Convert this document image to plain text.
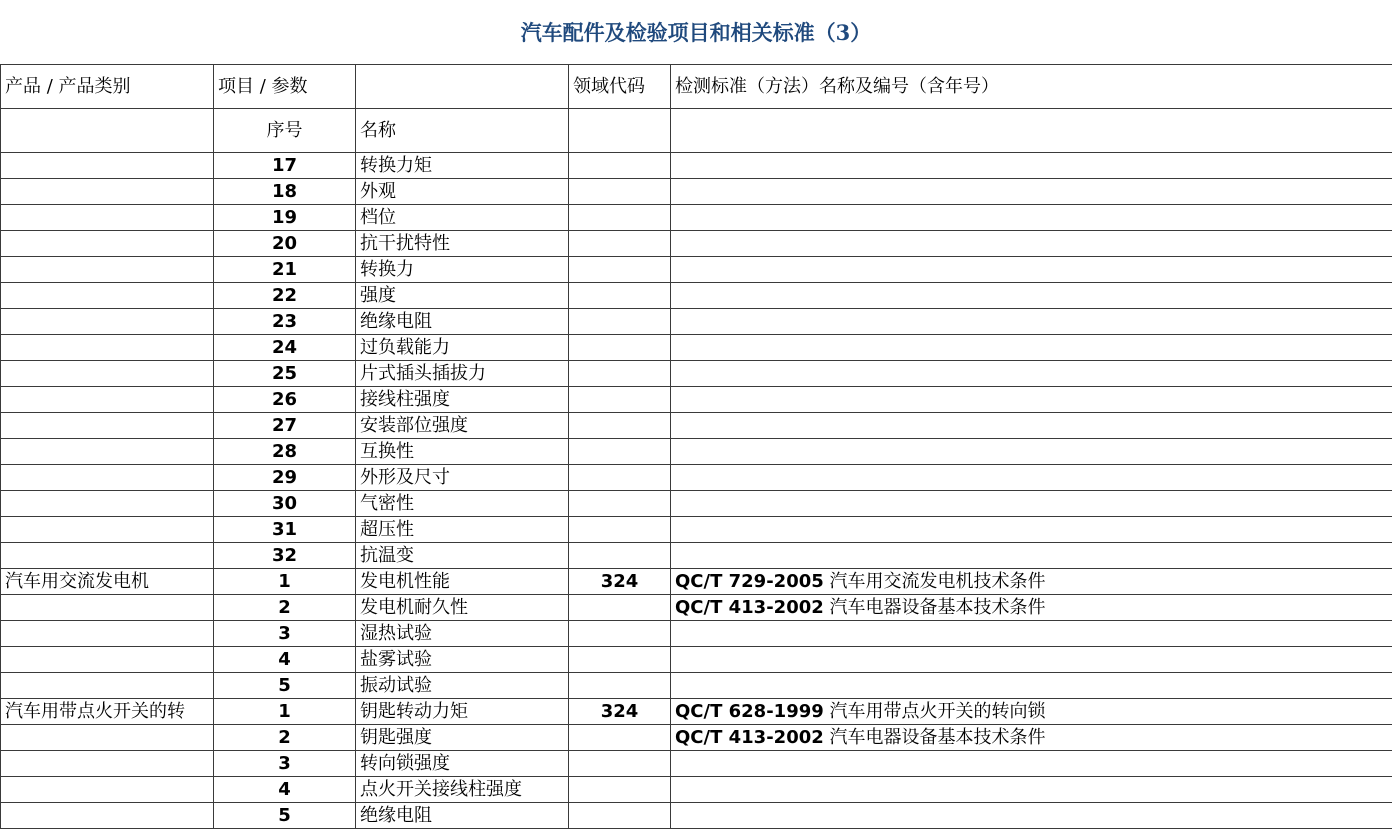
汽车配件及检验项目和相关标准（3）
产品 / 产品类别	项目 / 参数		领域代码	检测标准（方法）名称及编号（含年号）
	序号	名称		
	17	转换力矩		
	18	外观		
	19	档位		
	20	抗干扰特性		
	21	转换力		
	22	强度		
	23	绝缘电阻		
	24	过负载能力		
	25	片式插头插拔力		
	26	接线柱强度		
	27	安装部位强度		
	28	互换性		
	29	外形及尺寸		
	30	气密性		
	31	超压性		
	32	抗温变		
汽车用交流发电机	1	发电机性能	324	QC/T 729-2005 汽车用交流发电机技术条件
	2	发电机耐久性		QC/T 413-2002 汽车电器设备基本技术条件
	3	湿热试验		
	4	盐雾试验		
	5	振动试验		
汽车用带点火开关的转	1	钥匙转动力矩	324	QC/T 628-1999 汽车用带点火开关的转向锁
	2	钥匙强度		QC/T 413-2002 汽车电器设备基本技术条件
	3	转向锁强度		
	4	点火开关接线柱强度		
	5	绝缘电阻		
